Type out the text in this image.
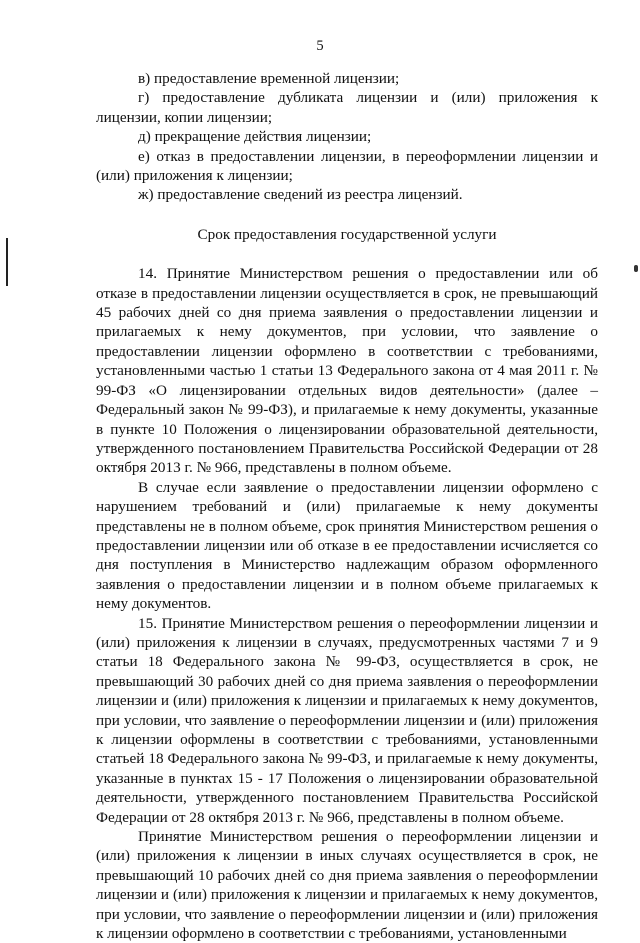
5

в) предоставление временной лицензии;

г) предоставление дубликата лицензии и (или) приложения к лицензии, копии лицензии;

д) прекращение действия лицензии;

е) отказ в предоставлении лицензии, в переоформлении лицензии и (или) приложения к лицензии;

ж) предоставление сведений из реестра лицензий.

Срок предоставления государственной услуги

14. Принятие Министерством решения о предоставлении или об отказе в предоставлении лицензии осуществляется в срок, не превышающий 45 рабочих дней со дня приема заявления о предоставлении лицензии и прилагаемых к нему документов, при условии, что заявление о предоставлении лицензии оформлено в соответствии с требованиями, установленными частью 1 статьи 13 Федерального закона от 4 мая 2011 г. № 99-ФЗ «О лицензировании отдельных видов деятельности» (далее – Федеральный закон № 99-ФЗ), и прилагаемые к нему документы, указанные в пункте 10 Положения о лицензировании образовательной деятельности, утвержденного постановлением Правительства Российской Федерации от 28 октября 2013 г. № 966, представлены в полном объеме.

В случае если заявление о предоставлении лицензии оформлено с нарушением требований и (или) прилагаемые к нему документы представлены не в полном объеме, срок принятия Министерством решения о предоставлении лицензии или об отказе в ее предоставлении исчисляется со дня поступления в Министерство надлежащим образом оформленного заявления о предоставлении лицензии и в полном объеме прилагаемых к нему документов.

15. Принятие Министерством решения о переоформлении лицензии и (или) приложения к лицензии в случаях, предусмотренных частями 7 и 9 статьи 18 Федерального закона № 99-ФЗ, осуществляется в срок, не превышающий 30 рабочих дней со дня приема заявления о переоформлении лицензии и (или) приложения к лицензии и прилагаемых к нему документов, при условии, что заявление о переоформлении лицензии и (или) приложения к лицензии оформлены в соответствии с требованиями, установленными статьей 18 Федерального закона № 99-ФЗ, и прилагаемые к нему документы, указанные в пунктах 15 - 17 Положения о лицензировании образовательной деятельности, утвержденного постановлением Правительства Российской Федерации от 28 октября 2013 г. № 966, представлены в полном объеме.

Принятие Министерством решения о переоформлении лицензии и (или) приложения к лицензии в иных случаях осуществляется в срок, не превышающий 10 рабочих дней со дня приема заявления о переоформлении лицензии и (или) приложения к лицензии и прилагаемых к нему документов, при условии, что заявление о переоформлении лицензии и (или) приложения к лицензии оформлено в соответствии с требованиями, установленными
